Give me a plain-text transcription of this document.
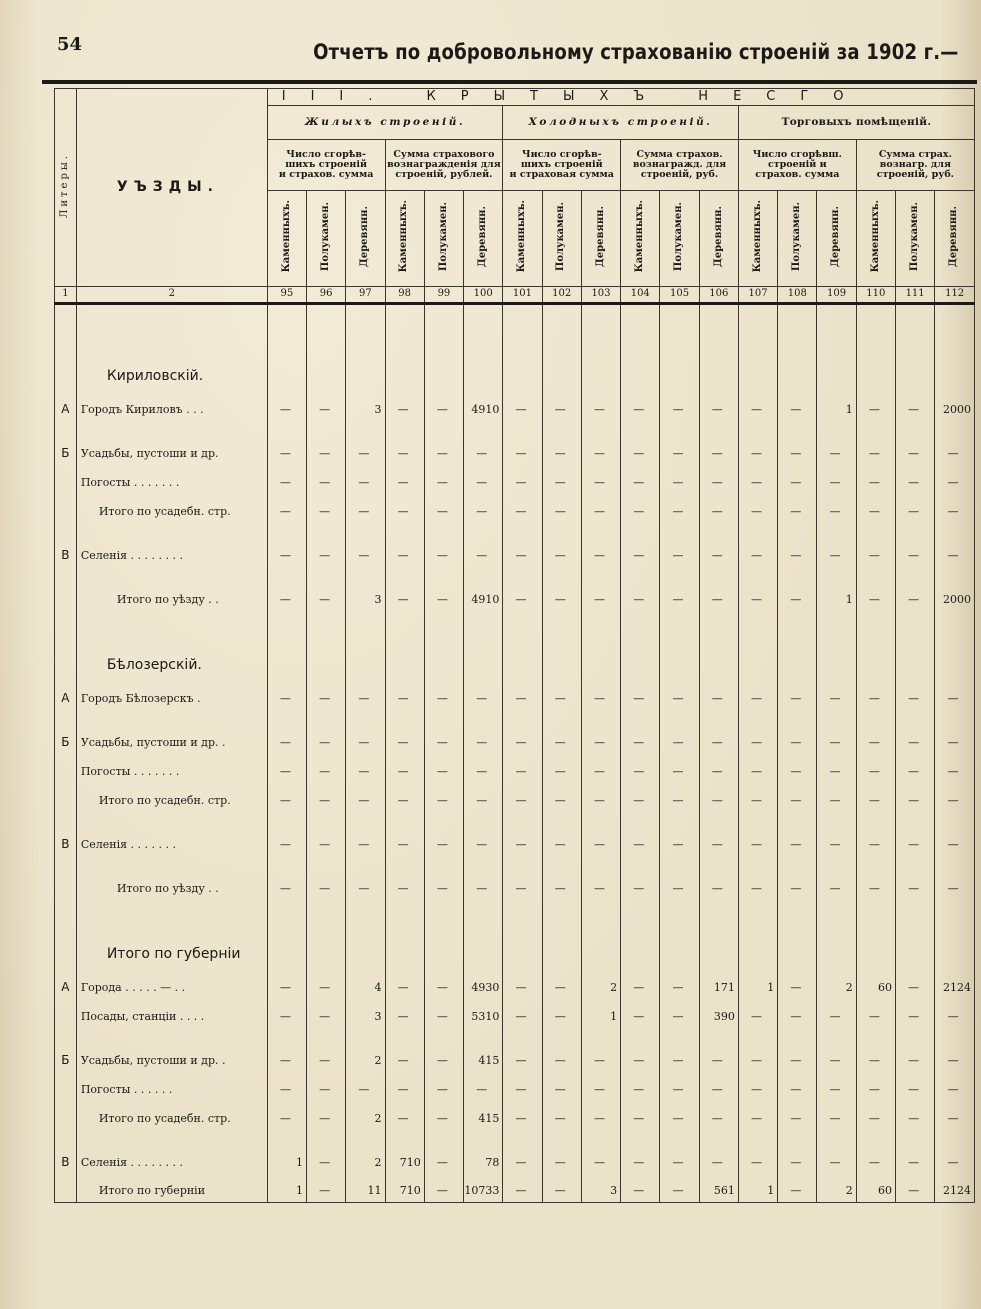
54	Отчетъ по добровольному страхованію строеній за 1902 г.—
Литеры.	УЪЗДЫ.	III. КРЫТЫХЪ НЕСГО																	
		Жилыхъ строеній.						Холодныхъ строеній.						Торговыхъ помѣщеній.					
		Число сгорѣв-
шихъ строеній
и страхов. сумма			Сумма страхового
вознагражденія для
строеній, рублей.			Число сгорѣв-
шихъ строеній
и страховая сумма			Сумма страхов.
вознагражд. для
строеній, руб.			Число сгорѣвш.
строеній и
страхов. сумма			Сумма страх.
вознагр. для
строеній, руб.		
		Каменныхъ.	Полукамен.	Деревянн.	Каменныхъ.	Полукамен.	Деревянн.	Каменныхъ.	Полукамен.	Деревянн.	Каменныхъ.	Полукамен.	Деревянн.	Каменныхъ.	Полукамен.	Деревянн.	Каменныхъ.	Полукамен.	Деревянн.
1	2	95	96	97	98	99	100	101	102	103	104	105	106	107	108	109	110	111	112
	Кириловскій.																		
А	Городъ Кириловъ . . .	—	—	3	—	—	4910	—	—	—	—	—	—	—	—	1	—	—	2000
Б	Усадьбы, пустоши и др.	—	—	—	—	—	—	—	—	—	—	—	—	—	—	—	—	—	—

	Погосты . . . . . . .	—	—	—	—	—	—	—	—	—	—	—	—	—	—	—	—	—	—

	Итого по усадебн. стр.	—	—	—	—	—	—	—	—	—	—	—	—	—	—	—	—	—	—

В	Селенія . . . . . . . .	—	—	—	—	—	—	—	—	—	—	—	—	—	—	—	—	—	—

	Итого по уѣзду . .	—	—	3	—	—	4910	—	—	—	—	—	—	—	—	1	—	—	2000
	Бѣлозерскій.																		
А	Городъ Бѣлозерскъ .	—	—	—	—	—	—	—	—	—	—	—	—	—	—	—	—	—	—

Б	Усадьбы, пустоши и др. .	—	—	—	—	—	—	—	—	—	—	—	—	—	—	—	—	—	—

	Погосты . . . . . . .	—	—	—	—	—	—	—	—	—	—	—	—	—	—	—	—	—	—

	Итого по усадебн. стр.	—	—	—	—	—	—	—	—	—	—	—	—	—	—	—	—	—	—

В	Селенія . . . . . . .	—	—	—	—	—	—	—	—	—	—	—	—	—	—	—	—	—	—

	Итого по уѣзду . .	—	—	—	—	—	—	—	—	—	—	—	—	—	—	—	—	—	—

	Итого по губерніи																		
А	Города . . . . . — . .	—	—	4	—	—	4930	—	—	2	—	—	171	1	—	2	60	—	2124
	Посады, станціи . . . .	—	—	3	—	—	5310	—	—	1	—	—	390	—	—	—	—	—	—

Б	Усадьбы, пустоши и др. .	—	—	2	—	—	415	—	—	—	—	—	—	—	—	—	—	—	—

	Погосты . . . . . .	—	—	—	—	—	—	—	—	—	—	—	—	—	—	—	—	—	—

	Итого по усадебн. стр.	—	—	2	—	—	415	—	—	—	—	—	—	—	—	—	—	—	—

В	Селенія . . . . . . . .	1	—	2	710	—	78	—	—	—	—	—	—	—	—	—	—	—	—

	Итого по губерніи	1	—	11	710	—	10733	—	—	3	—	—	561	1	—	2	60	—	2124
